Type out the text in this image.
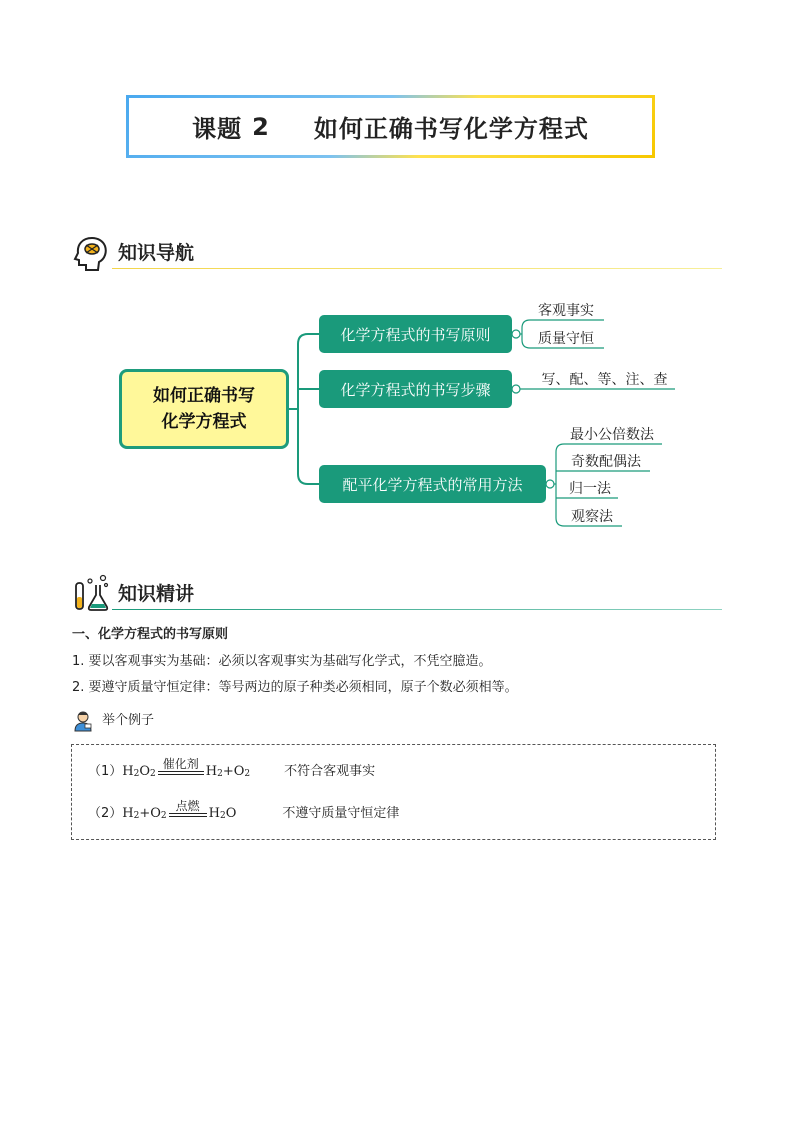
课题 2 如何正确书写化学方程式
知识导航
如何正确书写
化学方程式
化学方程式的书写原则
化学方程式的书写步骤
配平化学方程式的常用方法
客观事实
质量守恒
写、配、等、注、查
最小公倍数法
奇数配偶法
归一法
观察法
知识精讲
一、化学方程式的书写原则
1. 要以客观事实为基础：必须以客观事实为基础写化学式，不凭空臆造。
2. 要遵守质量守恒定律：等号两边的原子种类必须相同，原子个数必须相等。
举个例子
（1） H 2 O 2
催化剂 H 2 +O 2	不符合客观事实
（2） H 2 +O 2
点燃 H 2 O	不遵守质量守恒定律
